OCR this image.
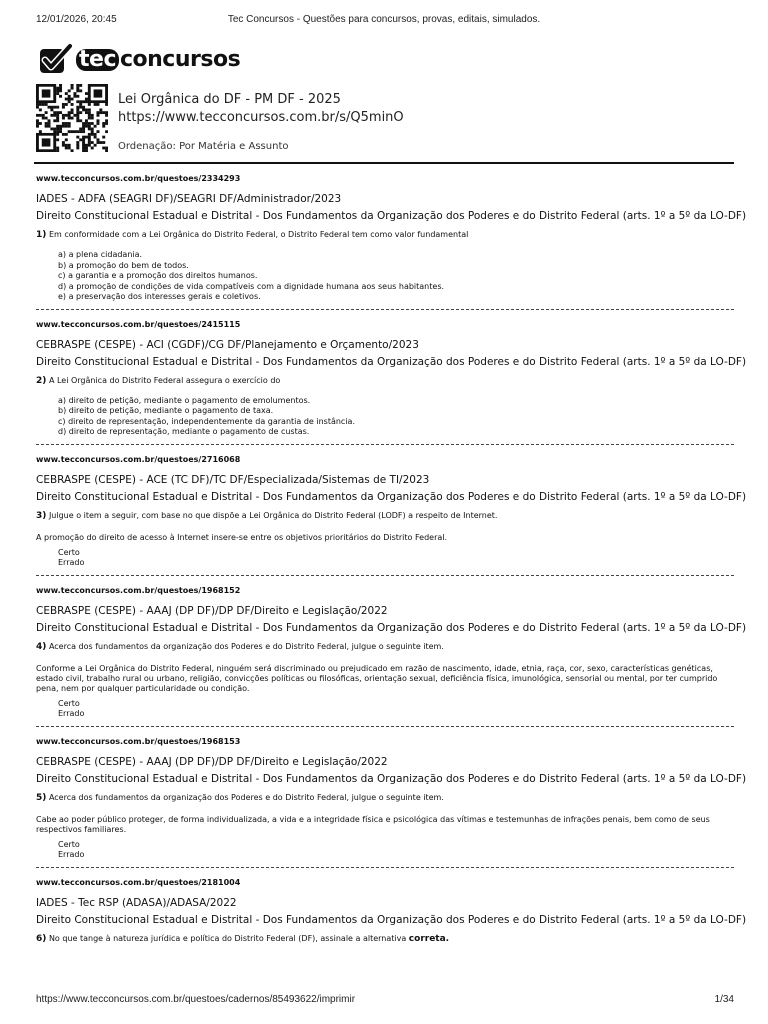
12/01/2026, 20:45	Tec Concursos - Questões para concursos, provas, editais, simulados.
tec concursos
Lei Orgânica do DF - PM DF - 2025
https://www.tecconcursos.com.br/s/Q5minO
Ordenação: Por Matéria e Assunto
www.tecconcursos.com.br/questoes/2334293
IADES - ADFA (SEAGRI DF)/SEAGRI DF/Administrador/2023
Direito Constitucional Estadual e Distrital - Dos Fundamentos da Organização dos Poderes e do Distrito Federal (arts. 1º a 5º da LO-DF)
1) Em conformidade com a Lei Orgânica do Distrito Federal, o Distrito Federal tem como valor fundamental
a) a plena cidadania.
b) a promoção do bem de todos.
c) a garantia e a promoção dos direitos humanos.
d) a promoção de condições de vida compatíveis com a dignidade humana aos seus habitantes.
e) a preservação dos interesses gerais e coletivos.
www.tecconcursos.com.br/questoes/2415115
CEBRASPE (CESPE) - ACI (CGDF)/CG DF/Planejamento e Orçamento/2023
Direito Constitucional Estadual e Distrital - Dos Fundamentos da Organização dos Poderes e do Distrito Federal (arts. 1º a 5º da LO-DF)
2) A Lei Orgânica do Distrito Federal assegura o exercício do
a) direito de petição, mediante o pagamento de emolumentos.
b) direito de petição, mediante o pagamento de taxa.
c) direito de representação, independentemente da garantia de instância.
d) direito de representação, mediante o pagamento de custas.
www.tecconcursos.com.br/questoes/2716068
CEBRASPE (CESPE) - ACE (TC DF)/TC DF/Especializada/Sistemas de TI/2023
Direito Constitucional Estadual e Distrital - Dos Fundamentos da Organização dos Poderes e do Distrito Federal (arts. 1º a 5º da LO-DF)
3) Julgue o item a seguir, com base no que dispõe a Lei Orgânica do Distrito Federal (LODF) a respeito de Internet.
A promoção do direito de acesso à Internet insere-se entre os objetivos prioritários do Distrito Federal.
Certo
Errado
www.tecconcursos.com.br/questoes/1968152
CEBRASPE (CESPE) - AAAJ (DP DF)/DP DF/Direito e Legislação/2022
Direito Constitucional Estadual e Distrital - Dos Fundamentos da Organização dos Poderes e do Distrito Federal (arts. 1º a 5º da LO-DF)
4) Acerca dos fundamentos da organização dos Poderes e do Distrito Federal, julgue o seguinte item.
Conforme a Lei Orgânica do Distrito Federal, ninguém será discriminado ou prejudicado em razão de nascimento, idade, etnia, raça, cor, sexo, características genéticas, estado civil, trabalho rural ou urbano, religião, convicções políticas ou filosóficas, orientação sexual, deficiência física, imunológica, sensorial ou mental, por ter cumprido pena, nem por qualquer particularidade ou condição.
Certo
Errado
www.tecconcursos.com.br/questoes/1968153
CEBRASPE (CESPE) - AAAJ (DP DF)/DP DF/Direito e Legislação/2022
Direito Constitucional Estadual e Distrital - Dos Fundamentos da Organização dos Poderes e do Distrito Federal (arts. 1º a 5º da LO-DF)
5) Acerca dos fundamentos da organização dos Poderes e do Distrito Federal, julgue o seguinte item.
Cabe ao poder público proteger, de forma individualizada, a vida e a integridade física e psicológica das vítimas e testemunhas de infrações penais, bem como de seus respectivos familiares.
Certo
Errado
www.tecconcursos.com.br/questoes/2181004
IADES - Tec RSP (ADASA)/ADASA/2022
Direito Constitucional Estadual e Distrital - Dos Fundamentos da Organização dos Poderes e do Distrito Federal (arts. 1º a 5º da LO-DF)
6) No que tange à natureza jurídica e política do Distrito Federal (DF), assinale a alternativa correta.
https://www.tecconcursos.com.br/questoes/cadernos/85493622/imprimir	1/34
